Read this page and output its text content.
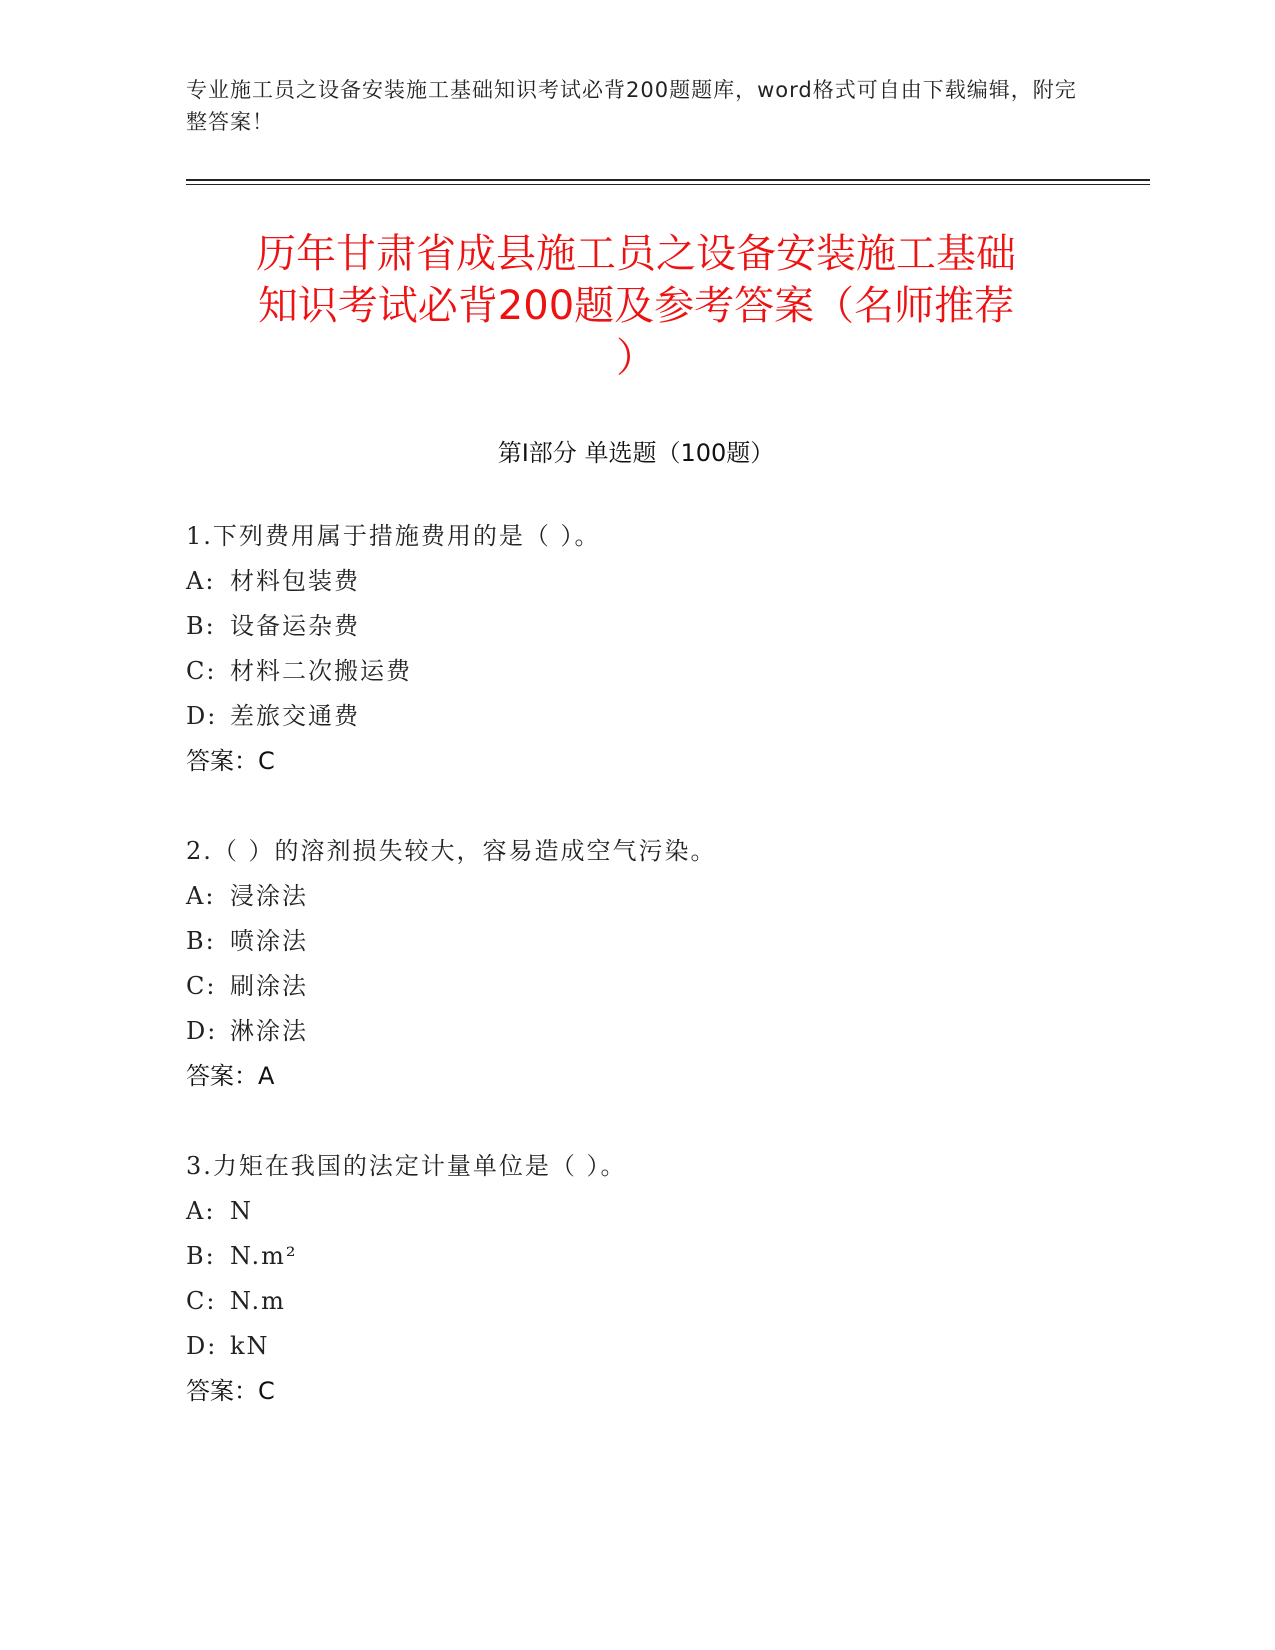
专业施工员之设备安装施工基础知识考试必背200题题库，word格式可自由下载编辑，附完整答案！
历年甘肃省成县施工员之设备安装施工基础
知识考试必背200题及参考答案（名师推荐
）
第Ⅰ部分 单选题（100题）
1.下列费用属于措施费用的是（ ）。
A: 材料包装费
B: 设备运杂费
C: 材料二次搬运费
D: 差旅交通费
答案：C
2.（ ）的溶剂损失较大，容易造成空气污染。
A: 浸涂法
B: 喷涂法
C: 刷涂法
D: 淋涂法
答案：A
3.力矩在我国的法定计量单位是（ ）。
A: N
B: N.m²
C: N.m
D: kN
答案：C
